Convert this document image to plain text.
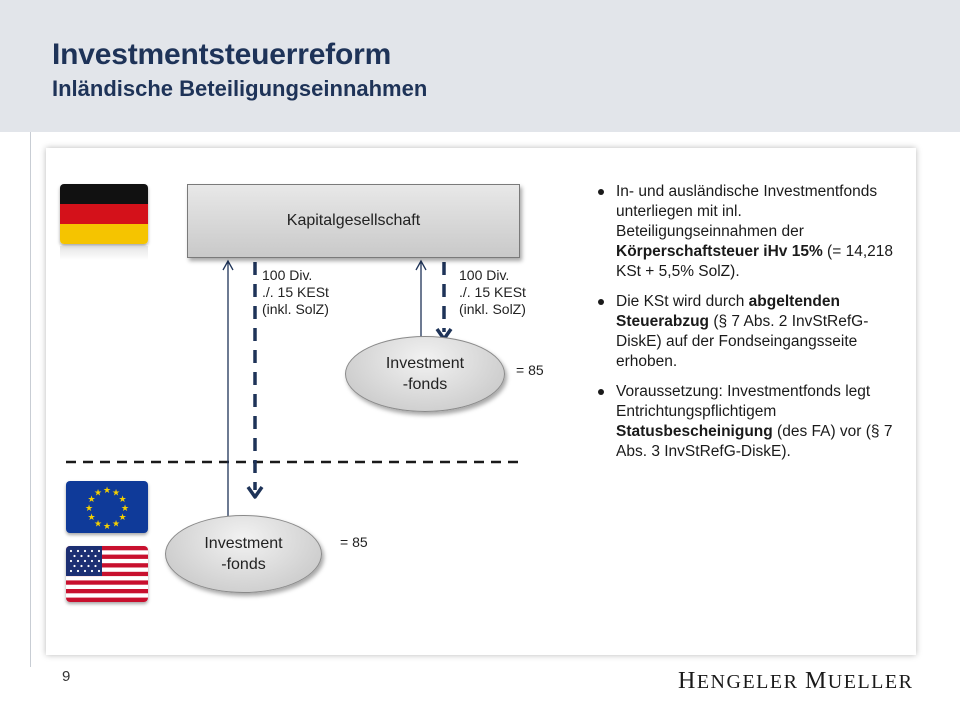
Investmentsteuerreform
Inländische Beteiligungseinnahmen
★ ★
★
★
★
★
★
★
★
★
★
★
Kapitalgesellschaft
100 Div.
./. 15 KESt
(inkl. SolZ)
100 Div.
./. 15 KESt
(inkl. SolZ)
Investment
-fonds
Investment
-fonds
= 85
= 85
In- und ausländische Investmentfonds unterliegen mit inl. Beteiligungseinnahmen der Körperschaftsteuer iHv 15% (= 14,218 KSt + 5,5% SolZ).
Die KSt wird durch abgeltenden Steuerabzug (§ 7 Abs. 2 InvStRefG-DiskE) auf der Fondseingangsseite erhoben.
Voraussetzung: Investmentfonds legt Entrichtungspflichtigem Statusbescheinigung (des FA) vor (§ 7 Abs. 3 InvStRefG-DiskE).
9	HENGELER MUELLER
